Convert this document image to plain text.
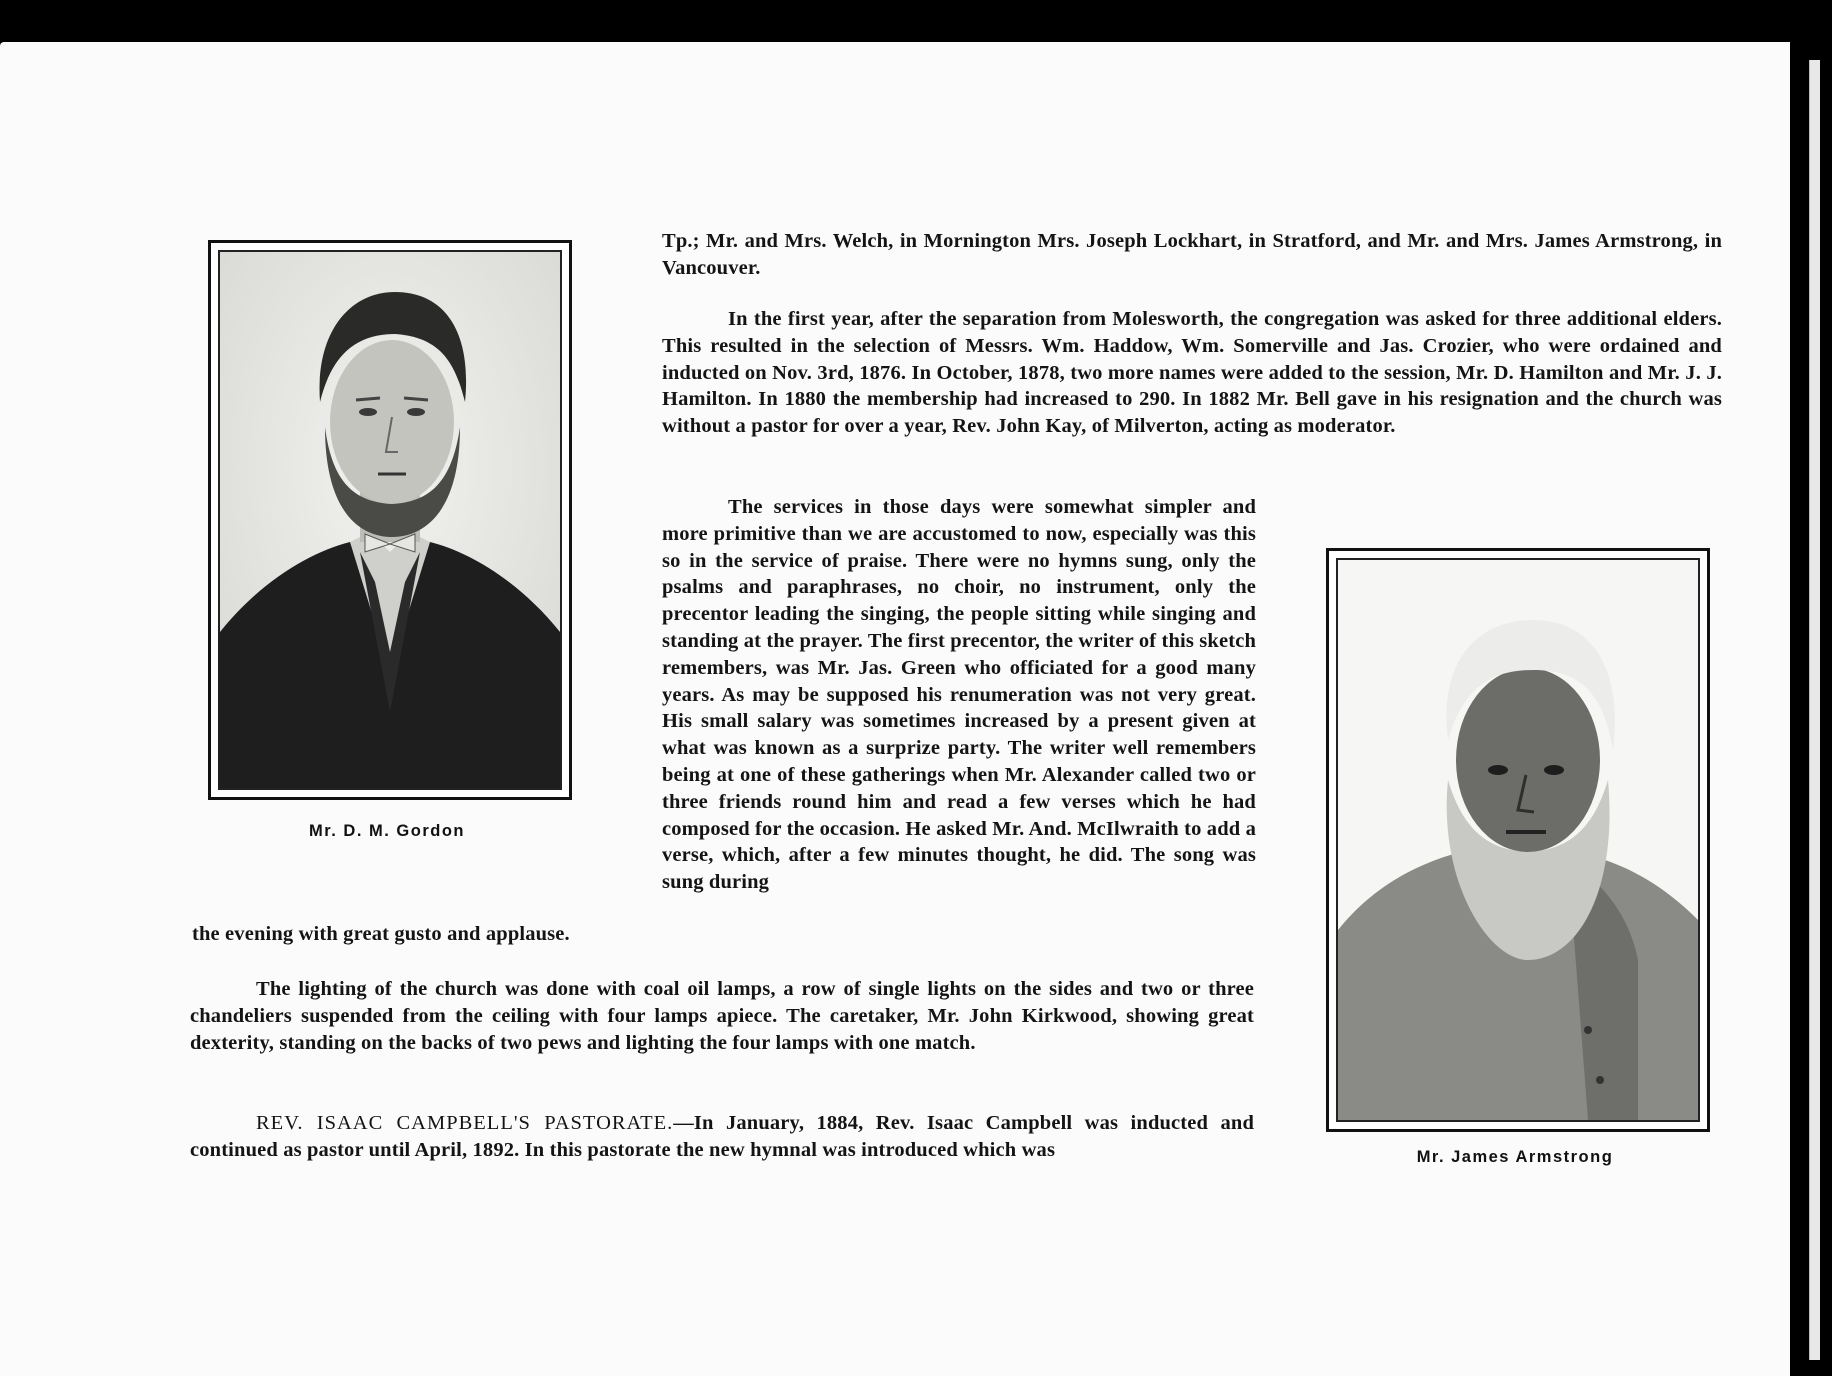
Mr. D. M. Gordon

Mr. James Armstrong

Tp.; Mr. and Mrs. Welch, in Mornington Mrs. Joseph Lockhart, in Stratford, and Mr. and Mrs. James Armstrong, in Vancouver.

In the first year, after the separation from Molesworth, the congregation was asked for three additional elders. This resulted in the selection of Messrs. Wm. Haddow, Wm. Somerville and Jas. Crozier, who were ordained and inducted on Nov. 3rd, 1876. In October, 1878, two more names were added to the session, Mr. D. Hamilton and Mr. J. J. Hamilton. In 1880 the membership had increased to 290. In 1882 Mr. Bell gave in his resignation and the church was without a pastor for over a year, Rev. John Kay, of Milverton, acting as moderator.

The services in those days were somewhat simpler and more primitive than we are accustomed to now, especially was this so in the service of praise. There were no hymns sung, only the psalms and paraphrases, no choir, no instrument, only the precentor leading the singing, the people sitting while singing and standing at the prayer. The first precentor, the writer of this sketch remembers, was Mr. Jas. Green who officiated for a good many years. As may be supposed his renumeration was not very great. His small salary was sometimes increased by a present given at what was known as a surprize party. The writer well remembers being at one of these gatherings when Mr. Alexander called two or three friends round him and read a few verses which he had composed for the occasion. He asked Mr. And. McIlwraith to add a verse, which, after a few minutes thought, he did. The song was sung during

the evening with great gusto and applause.

The lighting of the church was done with coal oil lamps, a row of single lights on the sides and two or three chandeliers suspended from the ceiling with four lamps apiece. The caretaker, Mr. John Kirkwood, showing great dexterity, standing on the backs of two pews and lighting the four lamps with one match.

REV. ISAAC CAMPBELL'S PASTORATE.—In January, 1884, Rev. Isaac Campbell was inducted and continued as pastor until April, 1892. In this pastorate the new hymnal was introduced which was
